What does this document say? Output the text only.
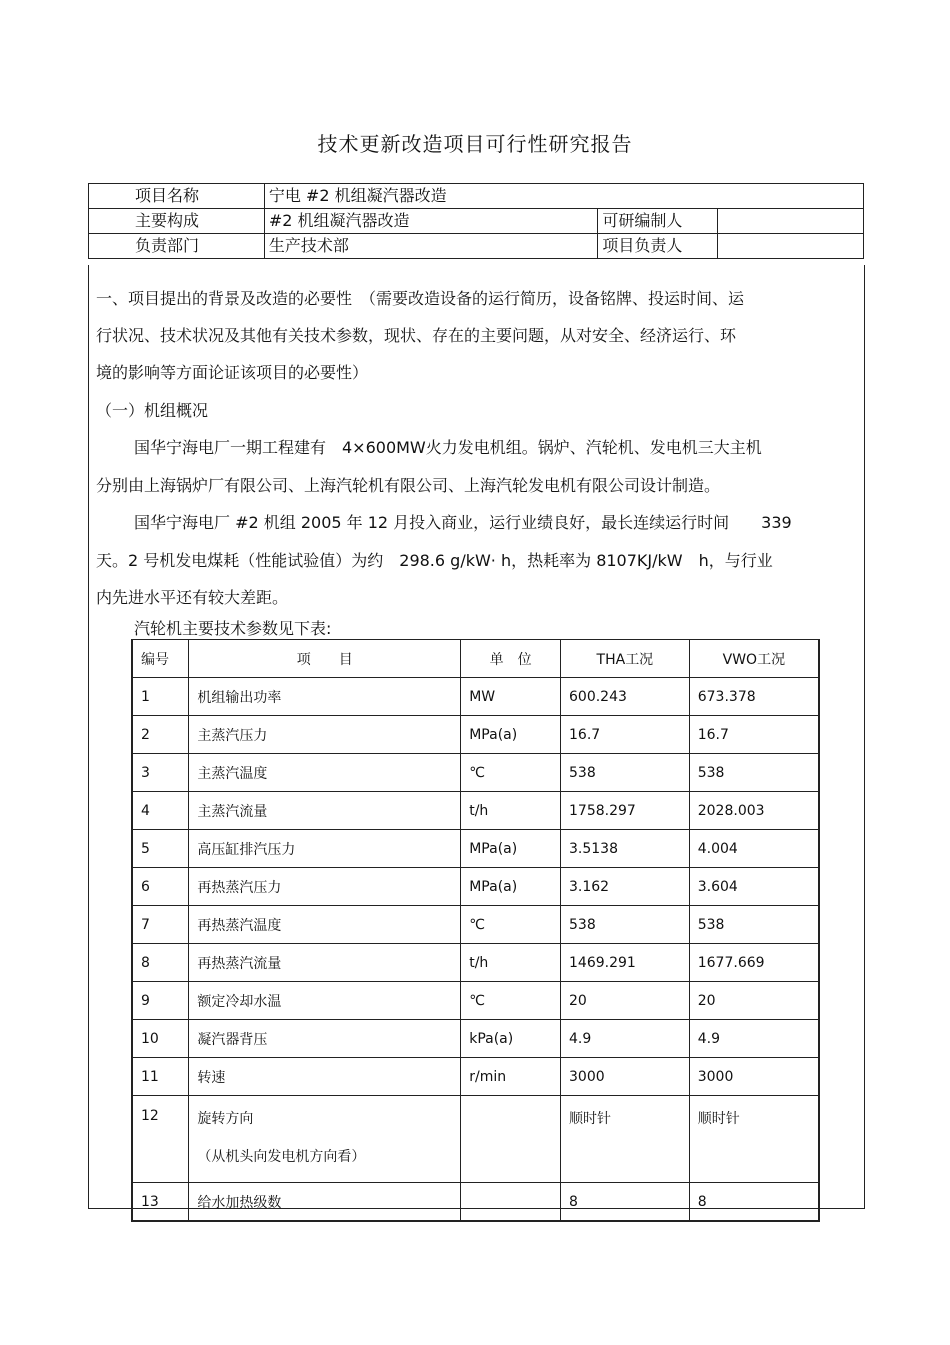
技术更新改造项目可行性研究报告
项目名称	宁电 #2 机组凝汽器改造		
主要构成	#2 机组凝汽器改造	可研编制人	
负责部门	生产技术部	项目负责人	

一、项目提出的背景及改造的必要性　（需要改造设备的运行简历，设备铭牌、投运时间、运

行状况、技术状况及其他有关技术参数，现状、存在的主要问题，从对安全、经济运行、环

境的影响等方面论证该项目的必要性）

（一）机组概况

国华宁海电厂一期工程建有　4×600MW火力发电机组。锅炉、汽轮机、发电机三大主机

分别由上海锅炉厂有限公司、上海汽轮机有限公司、上海汽轮发电机有限公司设计制造。

国华宁海电厂 #2 机组 2005 年 12 月投入商业，运行业绩良好，最长连续运行时间　　339

天。2 号机发电煤耗（性能试验值）为约　298.6 g/kW· h，热耗率为 8107KJ/kW　h，与行业

内先进水平还有较大差距。

汽轮机主要技术参数见下表:

编号	项　　目	单　位	THA工况	VWO工况
1	机组输出功率	MW	600.243	673.378
2	主蒸汽压力	MPa(a)	16.7	16.7
3	主蒸汽温度	℃	538	538
4	主蒸汽流量	t/h	1758.297	2028.003
5	高压缸排汽压力	MPa(a)	3.5138	4.004
6	再热蒸汽压力	MPa(a)	3.162	3.604
7	再热蒸汽温度	℃	538	538
8	再热蒸汽流量	t/h	1469.291	1677.669
9	额定冷却水温	℃	20	20
10	凝汽器背压	kPa(a)	4.9	4.9
11	转速	r/min	3000	3000
12	旋转方向
（从机头向发电机方向看）		顺时针	顺时针
13	给水加热级数		8	8
